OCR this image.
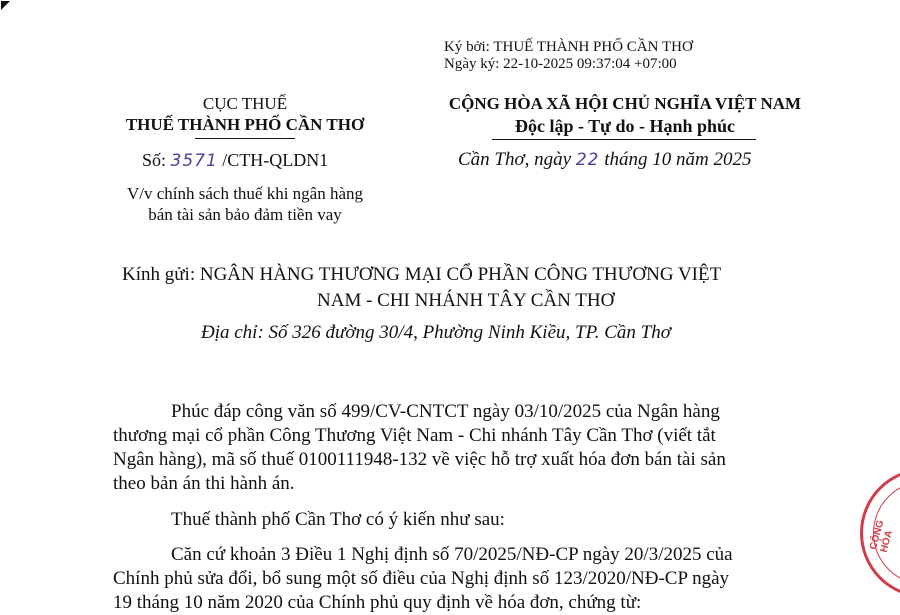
Ký bởi: THUẾ THÀNH PHỐ CẦN THƠ
Ngày ký: 22-10-2025 09:37:04 +07:00
CỤC THUẾ
THUẾ THÀNH PHỐ CẦN THƠ
Số: 3571 /CTH-QLDN1
V/v chính sách thuế khi ngân hàng
bán tài sản bảo đảm tiền vay
CỘNG HÒA XÃ HỘI CHỦ NGHĨA VIỆT NAM
Độc lập - Tự do - Hạnh phúc
Cần Thơ, ngày 22 tháng 10 năm 2025
Kính gửi: NGÂN HÀNG THƯƠNG MẠI CỔ PHẦN CÔNG THƯƠNG VIỆT
NAM - CHI NHÁNH TÂY CẦN THƠ
Địa chỉ: Số 326 đường 30/4, Phường Ninh Kiều, TP. Cần Thơ
Phúc đáp công văn số 499/CV-CNTCT ngày 03/10/2025 của Ngân hàng
thương mại cổ phần Công Thương Việt Nam - Chi nhánh Tây Cần Thơ (viết tắt
Ngân hàng), mã số thuế 0100111948-132 về việc hỗ trợ xuất hóa đơn bán tài sản
theo bản án thi hành án.
Thuế thành phố Cần Thơ có ý kiến như sau:
Căn cứ khoản 3 Điều 1 Nghị định số 70/2025/NĐ-CP ngày 20/3/2025 của
Chính phủ sửa đổi, bổ sung một số điều của Nghị định số 123/2020/NĐ-CP ngày
19 tháng 10 năm 2020 của Chính phủ quy định về hóa đơn, chứng từ:
CỘNG HÒA
